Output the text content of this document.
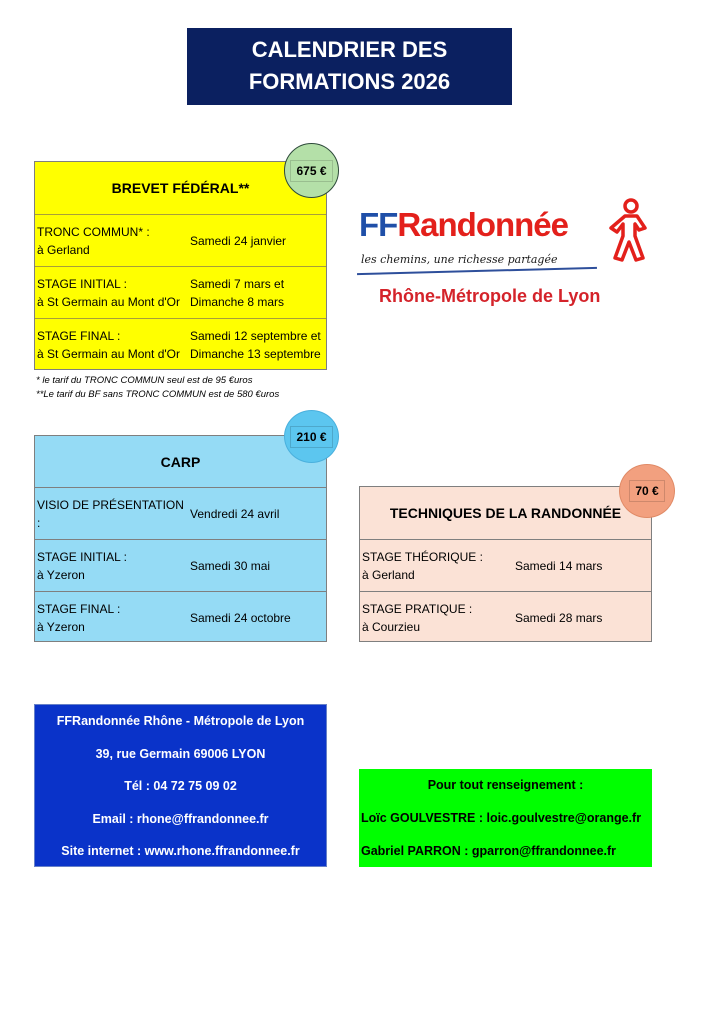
CALENDRIER DES
FORMATIONS 2026
BREVET FÉDÉRAL**
TRONC COMMUN* :
à Gerland
Samedi 24 janvier
STAGE INITIAL :
à St Germain au Mont d'Or
Samedi 7 mars et
Dimanche 8 mars
STAGE FINAL :
à St Germain au Mont d'Or
Samedi 12 septembre et
Dimanche 13 septembre
675 €
* le tarif du TRONC COMMUN seul est de 95 €uros
**Le tarif du BF sans TRONC COMMUN est de 580 €uros
FFRandonnée
les chemins, une richesse partagée
Rhône-Métropole de Lyon
CARP
VISIO DE PRÉSENTATION :
Vendredi 24 avril
STAGE INITIAL :
à Yzeron
Samedi 30 mai
STAGE FINAL :
à Yzeron
Samedi 24 octobre
210 €
TECHNIQUES DE LA RANDONNÉE
STAGE THÉORIQUE :
à Gerland
Samedi 14 mars
STAGE PRATIQUE :
à Courzieu
Samedi 28 mars
70 €
FFRandonnée Rhône - Métropole de Lyon
39, rue Germain 69006 LYON
Tél : 04 72 75 09 02
Email : rhone@ffrandonnee.fr
Site internet : www.rhone.ffrandonnee.fr
Pour tout renseignement :
Loïc GOULVESTRE : loic.goulvestre@orange.fr
Gabriel PARRON : gparron@ffrandonnee.fr
